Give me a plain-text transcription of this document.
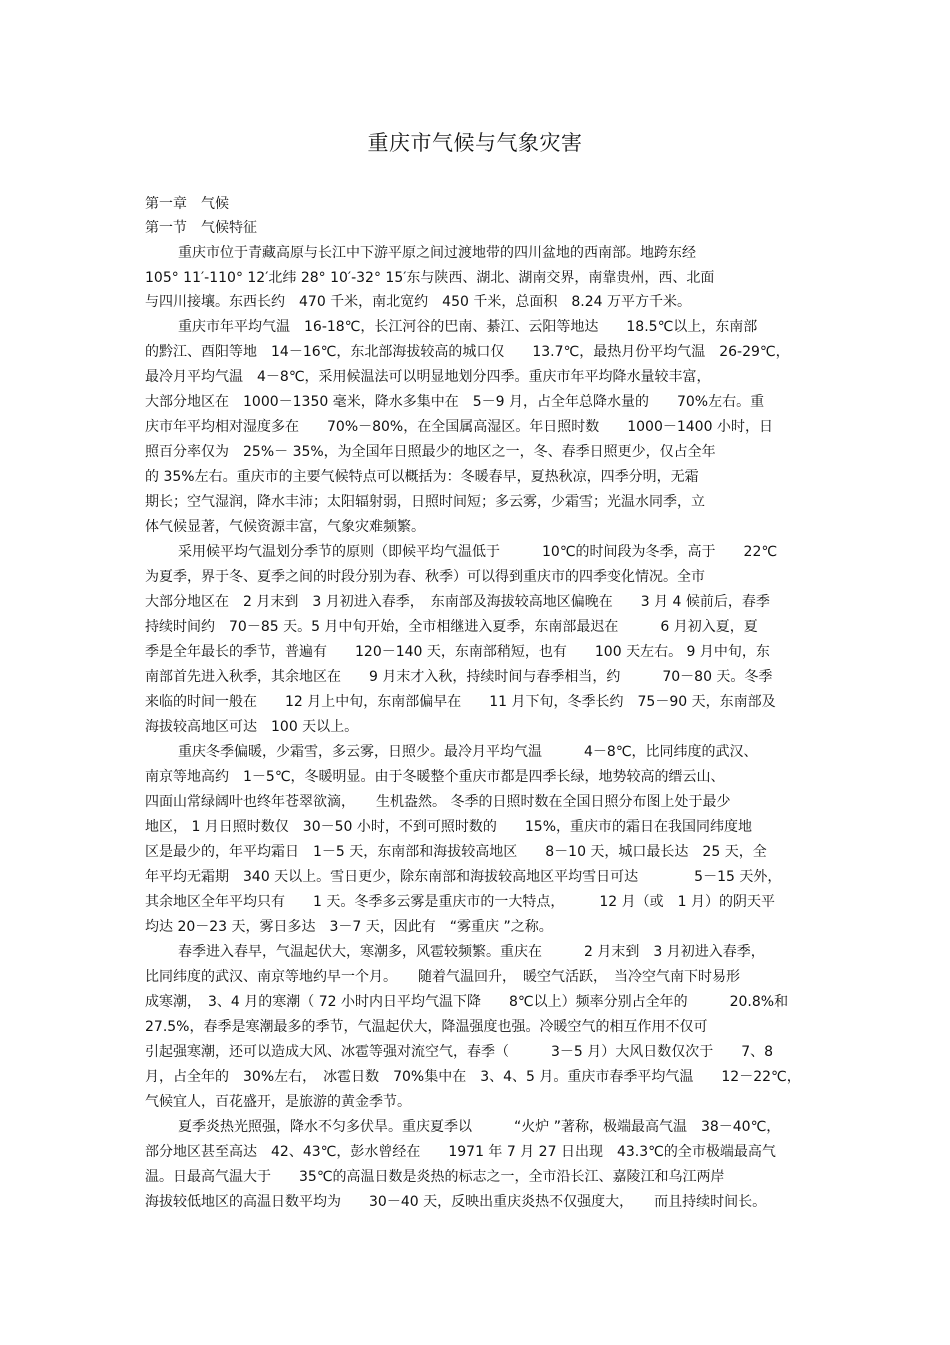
重庆市气候与气象灾害
第一章　气候
第一节　气候特征
重庆市位于青藏高原与长江中下游平原之间过渡地带的四川盆地的西南部。地跨东经
105° 11′-110° 12′北纬 28° 10′-32° 15′东与陕西、湖北、湖南交界，南靠贵州，西、北面
与四川接壤。东西长约　470 千米，南北宽约　450 千米，总面积　8.24 万平方千米。
重庆市年平均气温　16-18℃，长江河谷的巴南、綦江、云阳等地达　　18.5℃以上，东南部
的黔江、酉阳等地　14－16℃，东北部海拔较高的城口仅　　13.7℃，最热月份平均气温　26-29℃，
最冷月平均气温　4－8℃，采用候温法可以明显地划分四季。重庆市年平均降水量较丰富，
大部分地区在　1000－1350 毫米，降水多集中在　5－9 月，占全年总降水量的　　70%左右。重
庆市年平均相对湿度多在　　70%－80%，在全国属高湿区。年日照时数　　1000－1400 小时，日
照百分率仅为　25%－ 35%，为全国年日照最少的地区之一，冬、春季日照更少，仅占全年
的 35%左右。重庆市的主要气候特点可以概括为：冬暖春早，夏热秋凉，四季分明，无霜
期长；空气湿润，降水丰沛；太阳辐射弱，日照时间短；多云雾，少霜雪；光温水同季，立
体气候显著，气候资源丰富，气象灾难频繁。
采用候平均气温划分季节的原则（即候平均气温低于　　　10℃的时间段为冬季，高于　　22℃
为夏季，界于冬、夏季之间的时段分别为春、秋季）可以得到重庆市的四季变化情况。全市
大部分地区在　2 月末到　3 月初进入春季，　东南部及海拔较高地区偏晚在　　3 月 4 候前后，春季
持续时间约　70－85 天。5 月中旬开始，全市相继进入夏季，东南部最迟在　　　6 月初入夏，夏
季是全年最长的季节，普遍有　　120－140 天，东南部稍短，也有　　100 天左右。 9 月中旬，东
南部首先进入秋季，其余地区在　　9 月末才入秋，持续时间与春季相当，约　　　70－80 天。冬季
来临的时间一般在　　12 月上中旬，东南部偏早在　　11 月下旬，冬季长约　75－90 天，东南部及
海拔较高地区可达　100 天以上。
重庆冬季偏暖，少霜雪，多云雾，日照少。最冷月平均气温　　　4－8℃，比同纬度的武汉、
南京等地高约　1－5℃，冬暖明显。由于冬暖整个重庆市都是四季长绿，地势较高的缙云山、
四面山常绿阔叶也终年苍翠欲滴，　　生机盎然。 冬季的日照时数在全国日照分布图上处于最少
地区， 1 月日照时数仅　30－50 小时，不到可照时数的　　15%，重庆市的霜日在我国同纬度地
区是最少的，年平均霜日　1－5 天，东南部和海拔较高地区　　8－10 天，城口最长达　25 天，全
年平均无霜期　340 天以上。雪日更少，除东南部和海拔较高地区平均雪日可达　　　　5－15 天外，
其余地区全年平均只有　　1 天。冬季多云雾是重庆市的一大特点，　　　12 月（或　1 月）的阴天平
均达 20－23 天，雾日多达　3－7 天，因此有　“雾重庆 ”之称。
春季进入春早，气温起伏大，寒潮多，风雹较频繁。重庆在　　　2 月末到　3 月初进入春季，
比同纬度的武汉、南京等地约早一个月。　　随着气温回升，　暖空气活跃，　当冷空气南下时易形
成寒潮，　3、4 月的寒潮（ 72 小时内日平均气温下降　　8℃以上）频率分别占全年的　　　20.8%和
27.5%，春季是寒潮最多的季节，气温起伏大，降温强度也强。冷暖空气的相互作用不仅可
引起强寒潮，还可以造成大风、冰雹等强对流空气，春季（　　　3－5 月）大风日数仅次于　　7、8
月，占全年的　30%左右，　冰雹日数　70%集中在　3、4、5 月。重庆市春季平均气温　　12－22℃，
气候宜人，百花盛开，是旅游的黄金季节。
夏季炎热光照强，降水不匀多伏旱。重庆夏季以　　　“火炉 ”著称，极端最高气温　38－40℃，
部分地区甚至高达　42、43℃，彭水曾经在　　1971 年 7 月 27 日出现　43.3℃的全市极端最高气
温。日最高气温大于　　35℃的高温日数是炎热的标志之一，全市沿长江、嘉陵江和乌江两岸
海拔较低地区的高温日数平均为　　30－40 天，反映出重庆炎热不仅强度大，　　而且持续时间长。
